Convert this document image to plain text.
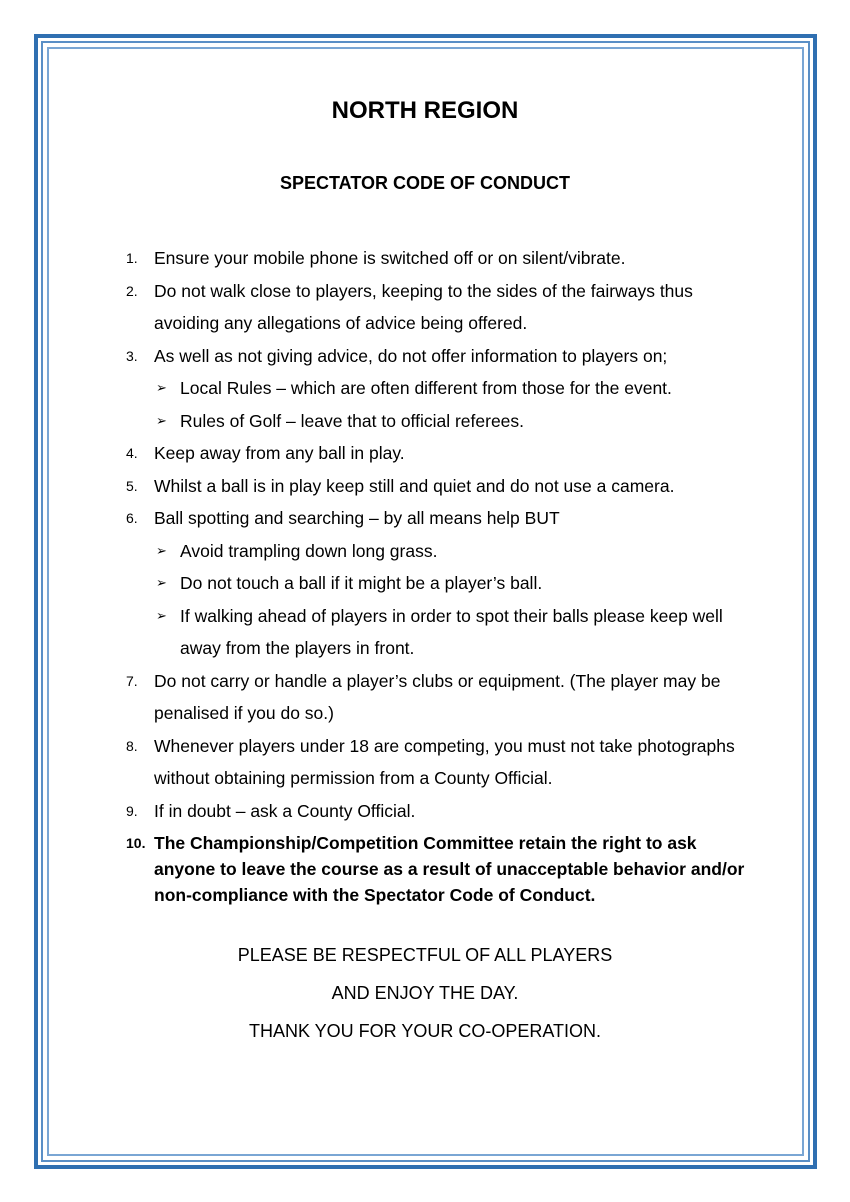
NORTH REGION
SPECTATOR CODE OF CONDUCT
1. Ensure your mobile phone is switched off or on silent/vibrate.
2. Do not walk close to players, keeping to the sides of the fairways thus avoiding any allegations of advice being offered.
3. As well as not giving advice, do not offer information to players on;
➢ Local Rules – which are often different from those for the event.
➢ Rules of Golf – leave that to official referees.
4. Keep away from any ball in play.
5. Whilst a ball is in play keep still and quiet and do not use a camera.
6. Ball spotting and searching – by all means help BUT
➢ Avoid trampling down long grass.
➢ Do not touch a ball if it might be a player’s ball.
➢ If walking ahead of players in order to spot their balls please keep well away from the players in front.
7. Do not carry or handle a player’s clubs or equipment. (The player may be penalised if you do so.)
8. Whenever players under 18 are competing, you must not take photographs without obtaining permission from a County Official.
9. If in doubt – ask a County Official.
10. The Championship/Competition Committee retain the right to ask anyone to leave the course as a result of unacceptable behavior and/or non-compliance with the Spectator Code of Conduct.
PLEASE BE RESPECTFUL OF ALL PLAYERS
AND ENJOY THE DAY.
THANK YOU FOR YOUR CO-OPERATION.
